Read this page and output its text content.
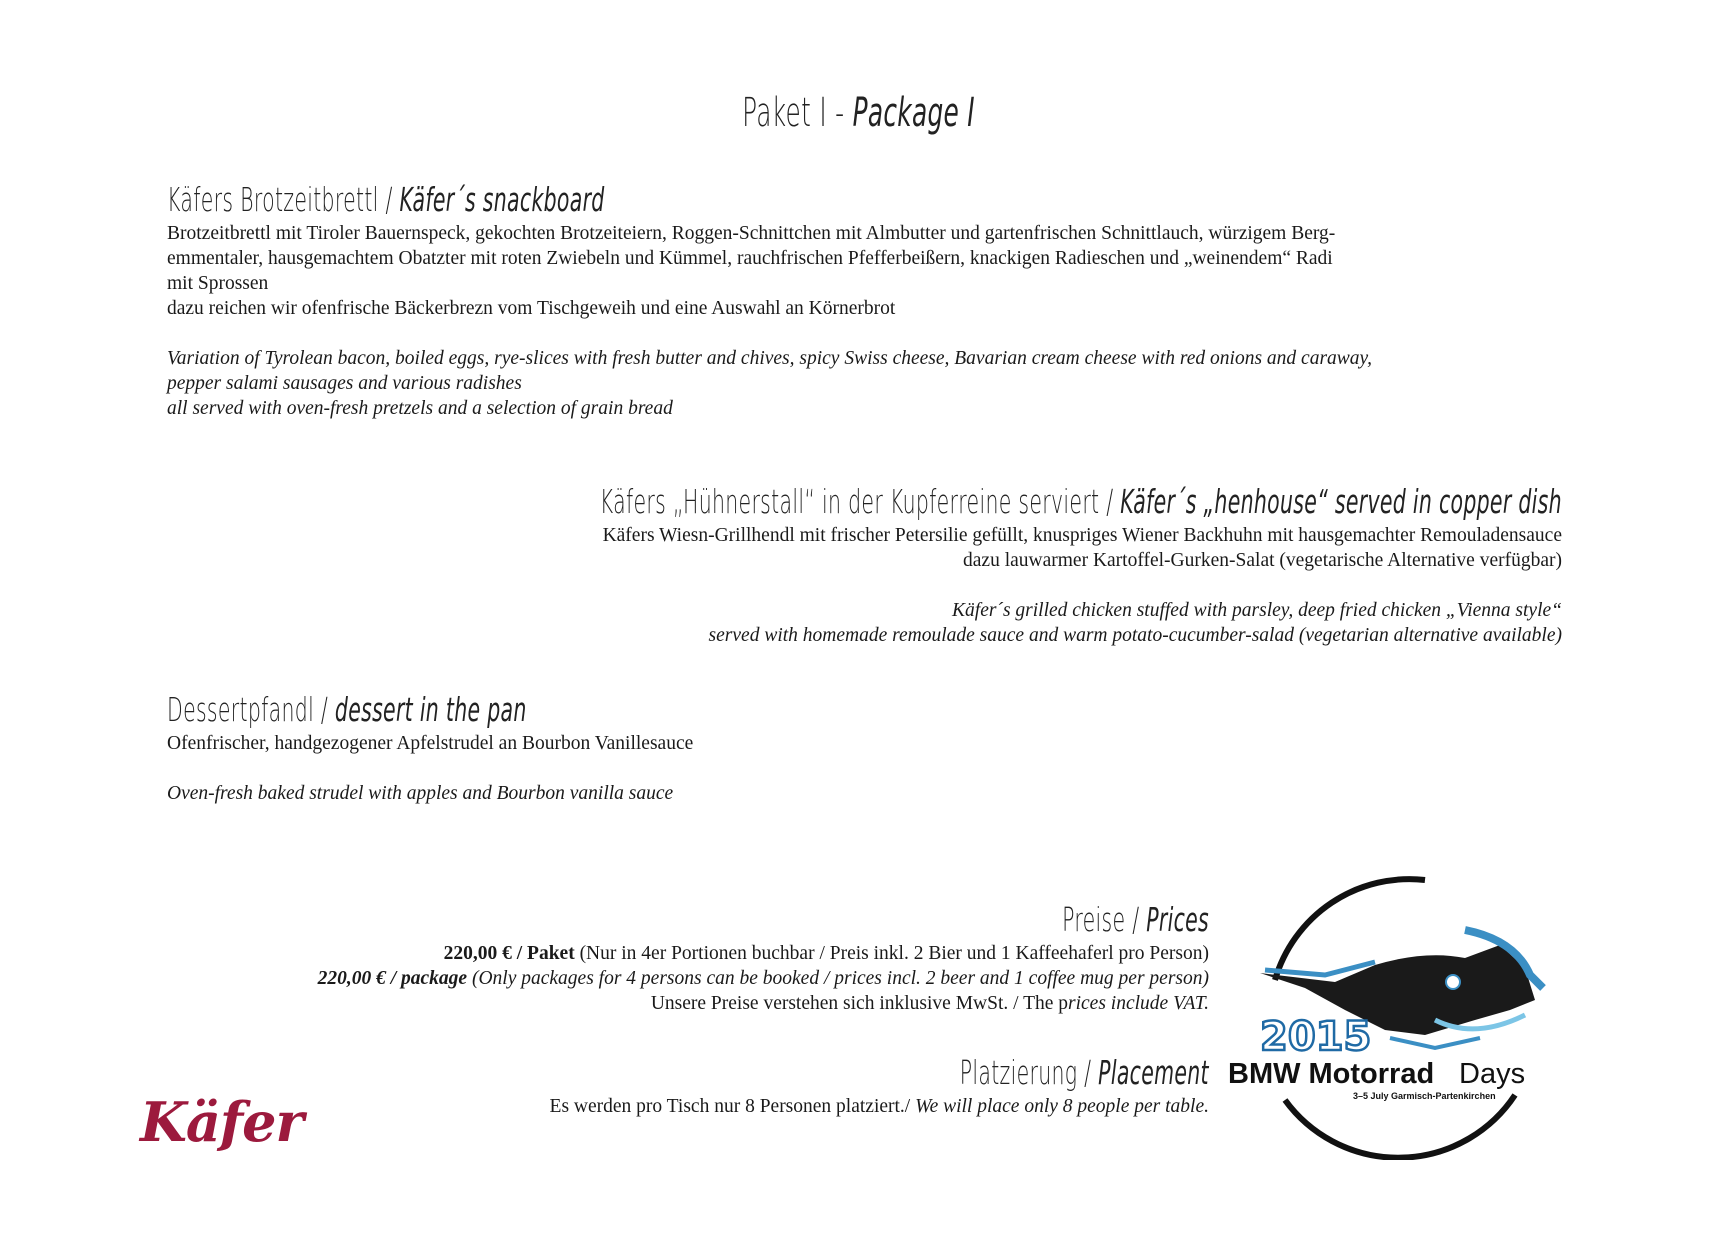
Paket I - Package I
Käfers Brotzeitbrettl / Käfer´s snackboard

Brotzeitbrettl mit Tiroler Bauernspeck, gekochten Brotzeiteiern, Roggen-Schnittchen mit Almbutter und gartenfrischen Schnittlauch, würzigem Berg-

emmentaler, hausgemachtem Obatzter mit roten Zwiebeln und Kümmel, rauchfrischen Pfefferbeißern, knackigen Radieschen und „weinendem“ Radi

mit Sprossen

dazu reichen wir ofenfrische Bäckerbrezn vom Tischgeweih und eine Auswahl an Körnerbrot

Variation of Tyrolean bacon, boiled eggs, rye-slices with fresh butter and chives, spicy Swiss cheese, Bavarian cream cheese with red onions and caraway,

pepper salami sausages and various radishes

all served with oven-fresh pretzels and a selection of grain bread

Käfers „Hühnerstall“ in der Kupferreine serviert / Käfer´s „henhouse“ served in copper dish

Käfers Wiesn-Grillhendl mit frischer Petersilie gefüllt, knuspriges Wiener Backhuhn mit hausgemachter Remouladensauce

dazu lauwarmer Kartoffel-Gurken-Salat (vegetarische Alternative verfügbar)

Käfer´s grilled chicken stuffed with parsley, deep fried chicken „Vienna style“

served with homemade remoulade sauce and warm potato-cucumber-salad (vegetarian alternative available)

Dessertpfandl / dessert in the pan

Ofenfrischer, handgezogener Apfelstrudel an Bourbon Vanillesauce

Oven-fresh baked strudel with apples and Bourbon vanilla sauce

Preise / Prices

220,00 € / Paket (Nur in 4er Portionen buchbar / Preis inkl. 2 Bier und 1 Kaffeehaferl pro Person)

220,00 € / package (Only packages for 4 persons can be booked / prices incl. 2 beer and 1 coffee mug per person)

Unsere Preise verstehen sich inklusive MwSt. / The prices include VAT.

Platzierung / Placement

Es werden pro Tisch nur 8 Personen platziert./ We will place only 8 people per table.

Käfer
2015
BMW Motorrad Days
3–5 July Garmisch-Partenkirchen
